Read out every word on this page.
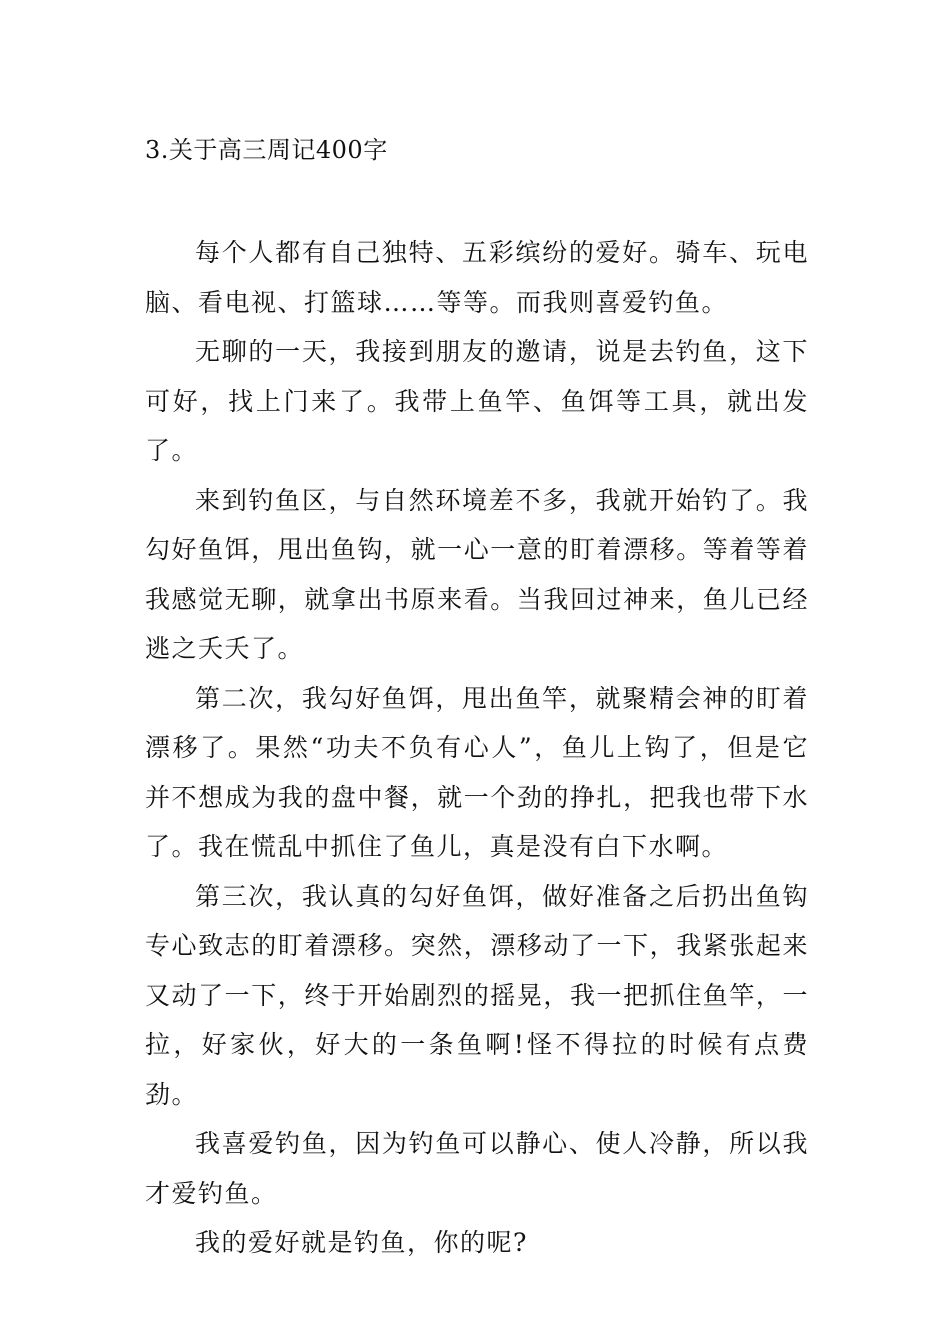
3.关于高三周记400字

每个人都有自己独特、五彩缤纷的爱好。骑车、玩电脑、看电视、打篮球……等等。而我则喜爱钓鱼。

无聊的一天，我接到朋友的邀请，说是去钓鱼，这下可好，找上门来了。我带上鱼竿、鱼饵等工具，就出发了。

来到钓鱼区，与自然环境差不多，我就开始钓了。我勾好鱼饵，甩出鱼钩，就一心一意的盯着漂移。等着等着我感觉无聊，就拿出书原来看。当我回过神来，鱼儿已经逃之夭夭了。

第二次，我勾好鱼饵，甩出鱼竿，就聚精会神的盯着漂移了。果然“功夫不负有心人”，鱼儿上钩了，但是它并不想成为我的盘中餐，就一个劲的挣扎，把我也带下水了。我在慌乱中抓住了鱼儿，真是没有白下水啊。

第三次，我认真的勾好鱼饵，做好准备之后扔出鱼钩专心致志的盯着漂移。突然，漂移动了一下，我紧张起来又动了一下，终于开始剧烈的摇晃，我一把抓住鱼竿，一拉，好家伙，好大的一条鱼啊!怪不得拉的时候有点费劲。

我喜爱钓鱼，因为钓鱼可以静心、使人冷静，所以我才爱钓鱼。

我的爱好就是钓鱼，你的呢?
